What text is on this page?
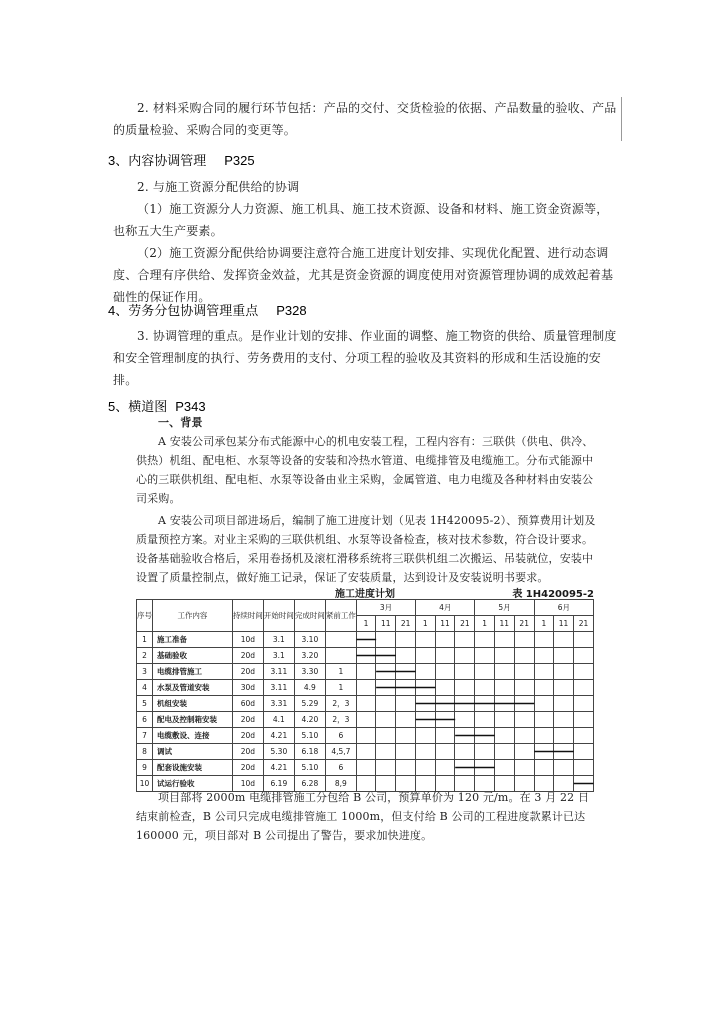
2. 材料采购合同的履行环节包括：产品的交付、交货检验的依据、产品数量的验收、产品的质量检验、采购合同的变更等。
3、内容协调管理 P325
2. 与施工资源分配供给的协调
（1）施工资源分人力资源、施工机具、施工技术资源、设备和材料、施工资金资源等，也称五大生产要素。
（2）施工资源分配供给协调要注意符合施工进度计划安排、实现优化配置、进行动态调度、合理有序供给、发挥资金效益，尤其是资金资源的调度使用对资源管理协调的成效起着基础性的保证作用。
4、劳务分包协调管理重点 P328
3. 协调管理的重点。是作业计划的安排、作业面的调整、施工物资的供给、质量管理制度和安全管理制度的执行、劳务费用的支付、分项工程的验收及其资料的形成和生活设施的安排。
5、横道图 P343
一、背景
A 安装公司承包某分布式能源中心的机电安装工程，工程内容有：三联供（供电、供冷、供热）机组、配电柜、水泵等设备的安装和冷热水管道、电缆排管及电缆施工。分布式能源中心的三联供机组、配电柜、水泵等设备由业主采购，金属管道、电力电缆及各种材料由安装公司采购。
A 安装公司项目部进场后，编制了施工进度计划（见表 1H420095-2）、预算费用计划及质量预控方案。对业主采购的三联供机组、水泵等设备检查，核对技术参数，符合设计要求。设备基础验收合格后，采用卷扬机及滚杠滑移系统将三联供机组二次搬运、吊装就位，安装中设置了质量控制点，做好施工记录，保证了安装质量，达到设计及安装说明书要求。
施工进度计划	表 1H420095-2
序号	工作内容	持续时间	开始时间	完成时间	紧前工作	3月			4月			5月			6月		
						1	11	21	1	11	21	1	11	21	1	11	21
1	施工准备	10d	3.1	3.10													
2	基础验收	20d	3.1	3.20													
3	电缆排管施工	20d	3.11	3.30	1												
4	水泵及管道安装	30d	3.11	4.9	1												
5	机组安装	60d	3.31	5.29	2，3												
6	配电及控制箱安装	20d	4.1	4.20	2，3												
7	电缆敷设、连接	20d	4.21	5.10	6												
8	调试	20d	5.30	6.18	4,5,7												
9	配套设施安装	20d	4.21	5.10	6												
10	试运行验收	10d	6.19	6.28	8,9												
项目部将 2000m 电缆排管施工分包给 B 公司，预算单价为 120 元/m。在 3 月 22 日结束前检查，B 公司只完成电缆排管施工 1000m，但支付给 B 公司的工程进度款累计已达 160000 元，项目部对 B 公司提出了警告，要求加快进度。
